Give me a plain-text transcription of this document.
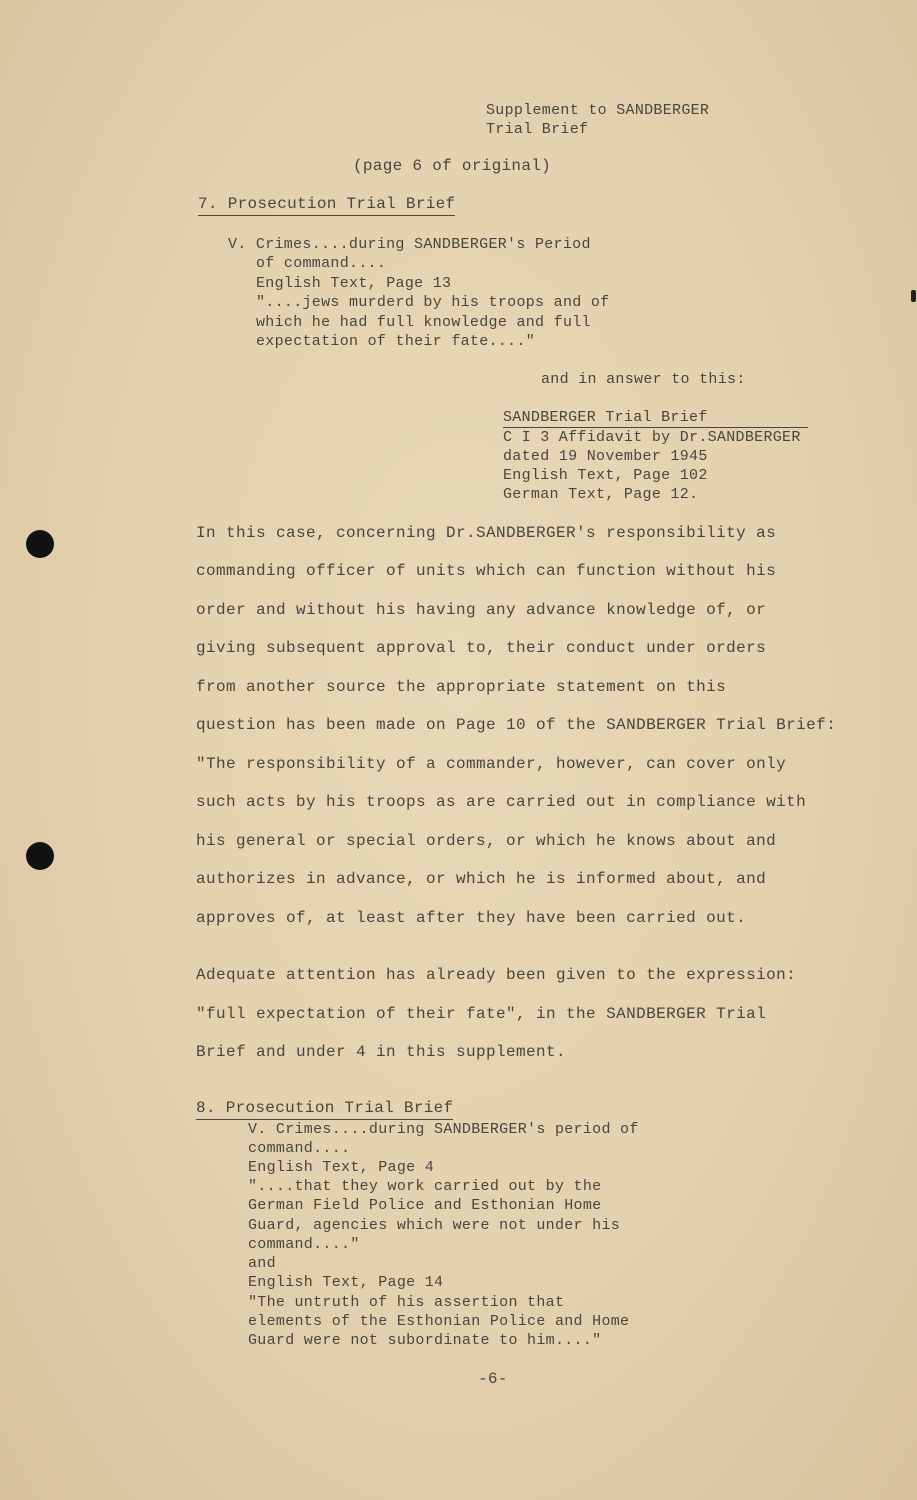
Supplement to SANDBERGER
Trial Brief
(page 6 of original)
7. Prosecution Trial Brief
V. Crimes....during SANDBERGER's Period
of command....
English Text, Page 13
"....jews murderd by his troops and of
which he had full knowledge and full
expectation of their fate...."
and in answer to this:
SANDBERGER Trial Brief
C I 3 Affidavit by Dr.SANDBERGER
dated 19 November 1945
English Text, Page 102
German Text, Page 12.
In this case, concerning Dr.SANDBERGER's responsibility as
commanding officer of units which can function without his
order and without his having any advance knowledge of, or
giving subsequent approval to, their conduct under orders
from another source the appropriate statement on this
question has been made on Page 10 of the SANDBERGER Trial Brief:
"The responsibility of a commander, however, can cover only
such acts by his troops as are carried out in compliance with
his general or special orders, or which he knows about and
authorizes in advance, or which he is informed about, and
approves of, at least after they have been carried out.
Adequate attention has already been given to the expression:
"full expectation of their fate", in the SANDBERGER Trial
Brief and under 4 in this supplement.
8. Prosecution Trial Brief
V. Crimes....during SANDBERGER's period of
command....
English Text, Page 4
"....that they work carried out by the
German Field Police and Esthonian Home
Guard, agencies which were not under his
command...."
and
English Text, Page 14
"The untruth of his assertion that
elements of the Esthonian Police and Home
Guard were not subordinate to him...."
-6-
